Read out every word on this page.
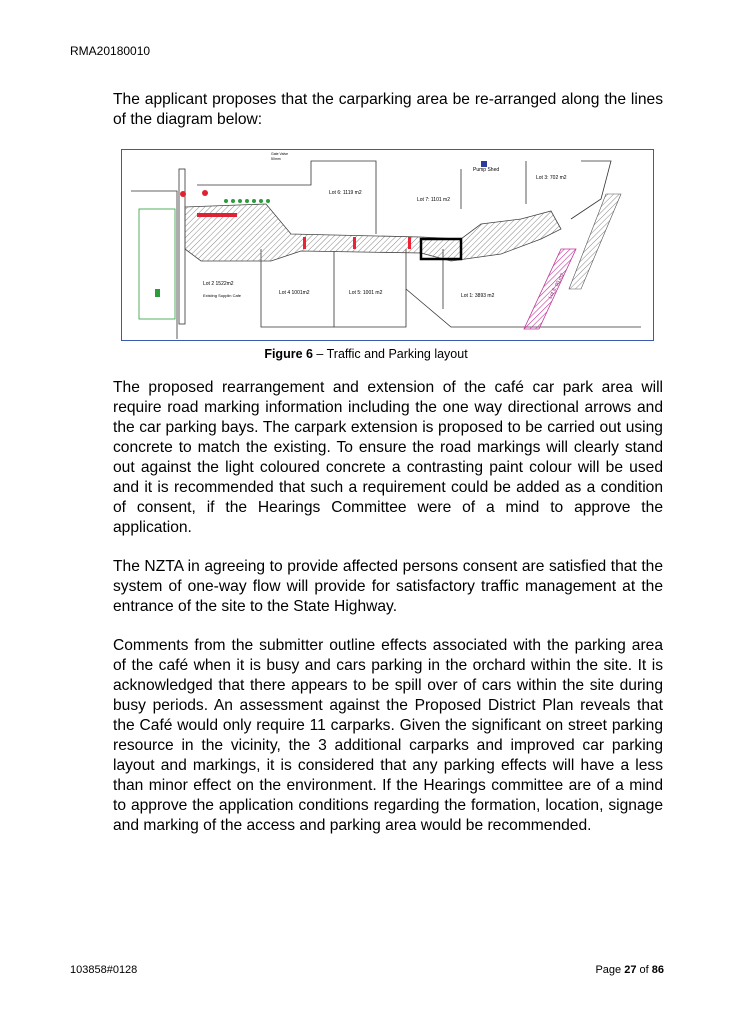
RMA20180010
The applicant proposes that the carparking area be re-arranged along the lines of the diagram below:
Lot 6: 1119 m2
Lot 7: 1101 m2
Lot 3: 702 m2
Lot 2 1522m2
Existing Sopplin Cafe	Lot 4 1001m2	Lot 5: 1001 m2	Lot 1: 3893 m2
Pump Shed
Lot 8: 90 m2
Gate Valve
50mm
Figure 6 – Traffic and Parking layout
The proposed rearrangement and extension of the café car park area will require road marking information including the one way directional arrows and the car parking bays. The carpark extension is proposed to be carried out using concrete to match the existing. To ensure the road markings will clearly stand out against the light coloured concrete a contrasting paint colour will be used and it is recommended that such a requirement could be added as a condition of consent, if the Hearings Committee were of a mind to approve the application.
The NZTA in agreeing to provide affected persons consent are satisfied that the system of one-way flow will provide for satisfactory traffic management at the entrance of the site to the State Highway.
Comments from the submitter outline effects associated with the parking area of the café when it is busy and cars parking in the orchard within the site. It is acknowledged that there appears to be spill over of cars within the site during busy periods. An assessment against the Proposed District Plan reveals that the Café would only require 11 carparks. Given the significant on street parking resource in the vicinity, the 3 additional carparks and improved car parking layout and markings, it is considered that any parking effects will have a less than minor effect on the environment. If the Hearings committee are of a mind to approve the application conditions regarding the formation, location, signage and marking of the access and parking area would be recommended.
103858#0128	Page 27 of 86
